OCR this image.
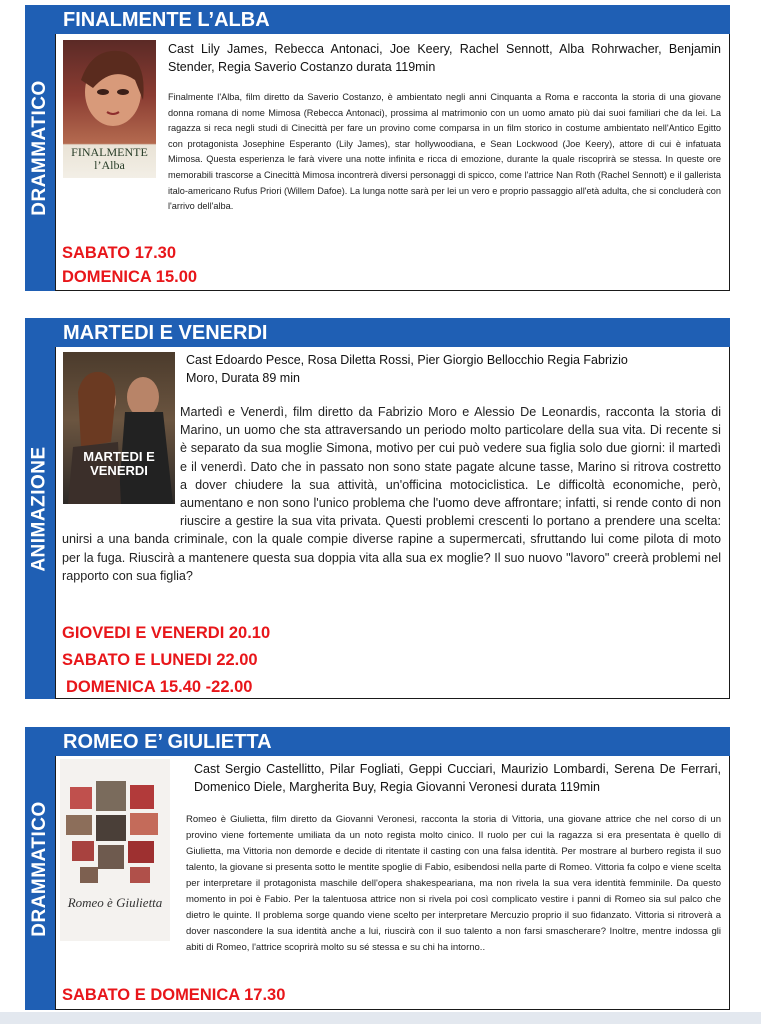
DRAMMATICO
FINALMENTE L’ALBA
FINALMENTE l’Alba
Cast Lily James, Rebecca Antonaci, Joe Keery, Rachel Sennott, Alba Rohrwacher, Benjamin Stender, Regia Saverio Costanzo durata 119min
Finalmente l'Alba, film diretto da Saverio Costanzo, è ambientato negli anni Cinquanta a Roma e racconta la storia di una giovane donna romana di nome Mimosa (Rebecca Antonaci), prossima al matrimonio con un uomo amato più dai suoi familiari che da lei. La ragazza si reca negli studi di Cinecittà per fare un provino come comparsa in un film storico in costume ambientato nell'Antico Egitto con protagonista Josephine Esperanto (Lily James), star hollywoodiana, e Sean Lockwood (Joe Keery), attore di cui è infatuata Mimosa. Questa esperienza le farà vivere una notte infinita e ricca di emozione, durante la quale riscoprirà se stessa. In queste ore memorabili trascorse a Cinecittà Mimosa incontrerà diversi personaggi di spicco, come l'attrice Nan Roth (Rachel Sennott) e il gallerista italo-americano Rufus Priori (Willem Dafoe). La lunga notte sarà per lei un vero e proprio passaggio all'età adulta, che si concluderà con l'arrivo dell'alba.
SABATO 17.30
DOMENICA 15.00
ANIMAZIONE
MARTEDI E VENERDI
MARTEDI E VENERDI
Cast Edoardo Pesce, Rosa Diletta Rossi, Pier Giorgio Bellocchio Regia Fabrizio Moro, Durata 89 min
Martedì e Venerdì, film diretto da Fabrizio Moro e Alessio De Leonardis, racconta la storia di Marino, un uomo che sta attraversando un periodo molto particolare della sua vita. Di recente si è separato da sua moglie Simona, motivo per cui può vedere sua figlia solo due giorni: il martedì e il venerdì. Dato che in passato non sono state pagate alcune tasse, Marino si ritrova costretto a dover chiudere la sua attività, un'officina motociclistica. Le difficoltà economiche, però, aumentano e non sono l'unico problema che l'uomo deve affrontare; infatti, si rende conto di non riuscire a gestire la sua vita privata. Questi problemi crescenti lo portano a prendere una scelta: unirsi a una banda criminale, con la quale compie diverse rapine a supermercati, sfruttando lui come pilota di moto per la fuga. Riuscirà a mantenere questa sua doppia vita alla sua ex moglie? Il suo nuovo "lavoro" creerà problemi nel rapporto con sua figlia?
GIOVEDI E VENERDI 20.10
SABATO E LUNEDI 22.00
DOMENICA 15.40 -22.00
DRAMMATICO
ROMEO E’ GIULIETTA
Romeo è Giulietta
Cast Sergio Castellitto, Pilar Fogliati, Geppi Cucciari, Maurizio Lombardi, Serena De Ferrari, Domenico Diele, Margherita Buy, Regia Giovanni Veronesi durata 119min
Romeo è Giulietta, film diretto da Giovanni Veronesi, racconta la storia di Vittoria, una giovane attrice che nel corso di un provino viene fortemente umiliata da un noto regista molto cinico. Il ruolo per cui la ragazza si era presentata è quello di Giulietta, ma Vittoria non demorde e decide di ritentate il casting con una falsa identità. Per mostrare al burbero regista il suo talento, la giovane si presenta sotto le mentite spoglie di Fabio, esibendosi nella parte di Romeo. Vittoria fa colpo e viene scelta per interpretare il protagonista maschile dell'opera shakespeariana, ma non rivela la sua vera identità femminile. Da questo momento in poi è Fabio. Per la talentuosa attrice non si rivela poi così complicato vestire i panni di Romeo sia sul palco che dietro le quinte. Il problema sorge quando viene scelto per interpretare Mercuzio proprio il suo fidanzato. Vittoria si ritroverà a dover nascondere la sua identità anche a lui, riuscirà con il suo talento a non farsi smascherare? Inoltre, mentre indossa gli abiti di Romeo, l'attrice scoprirà molto su sé stessa e su chi ha intorno..
SABATO E DOMENICA 17.30
